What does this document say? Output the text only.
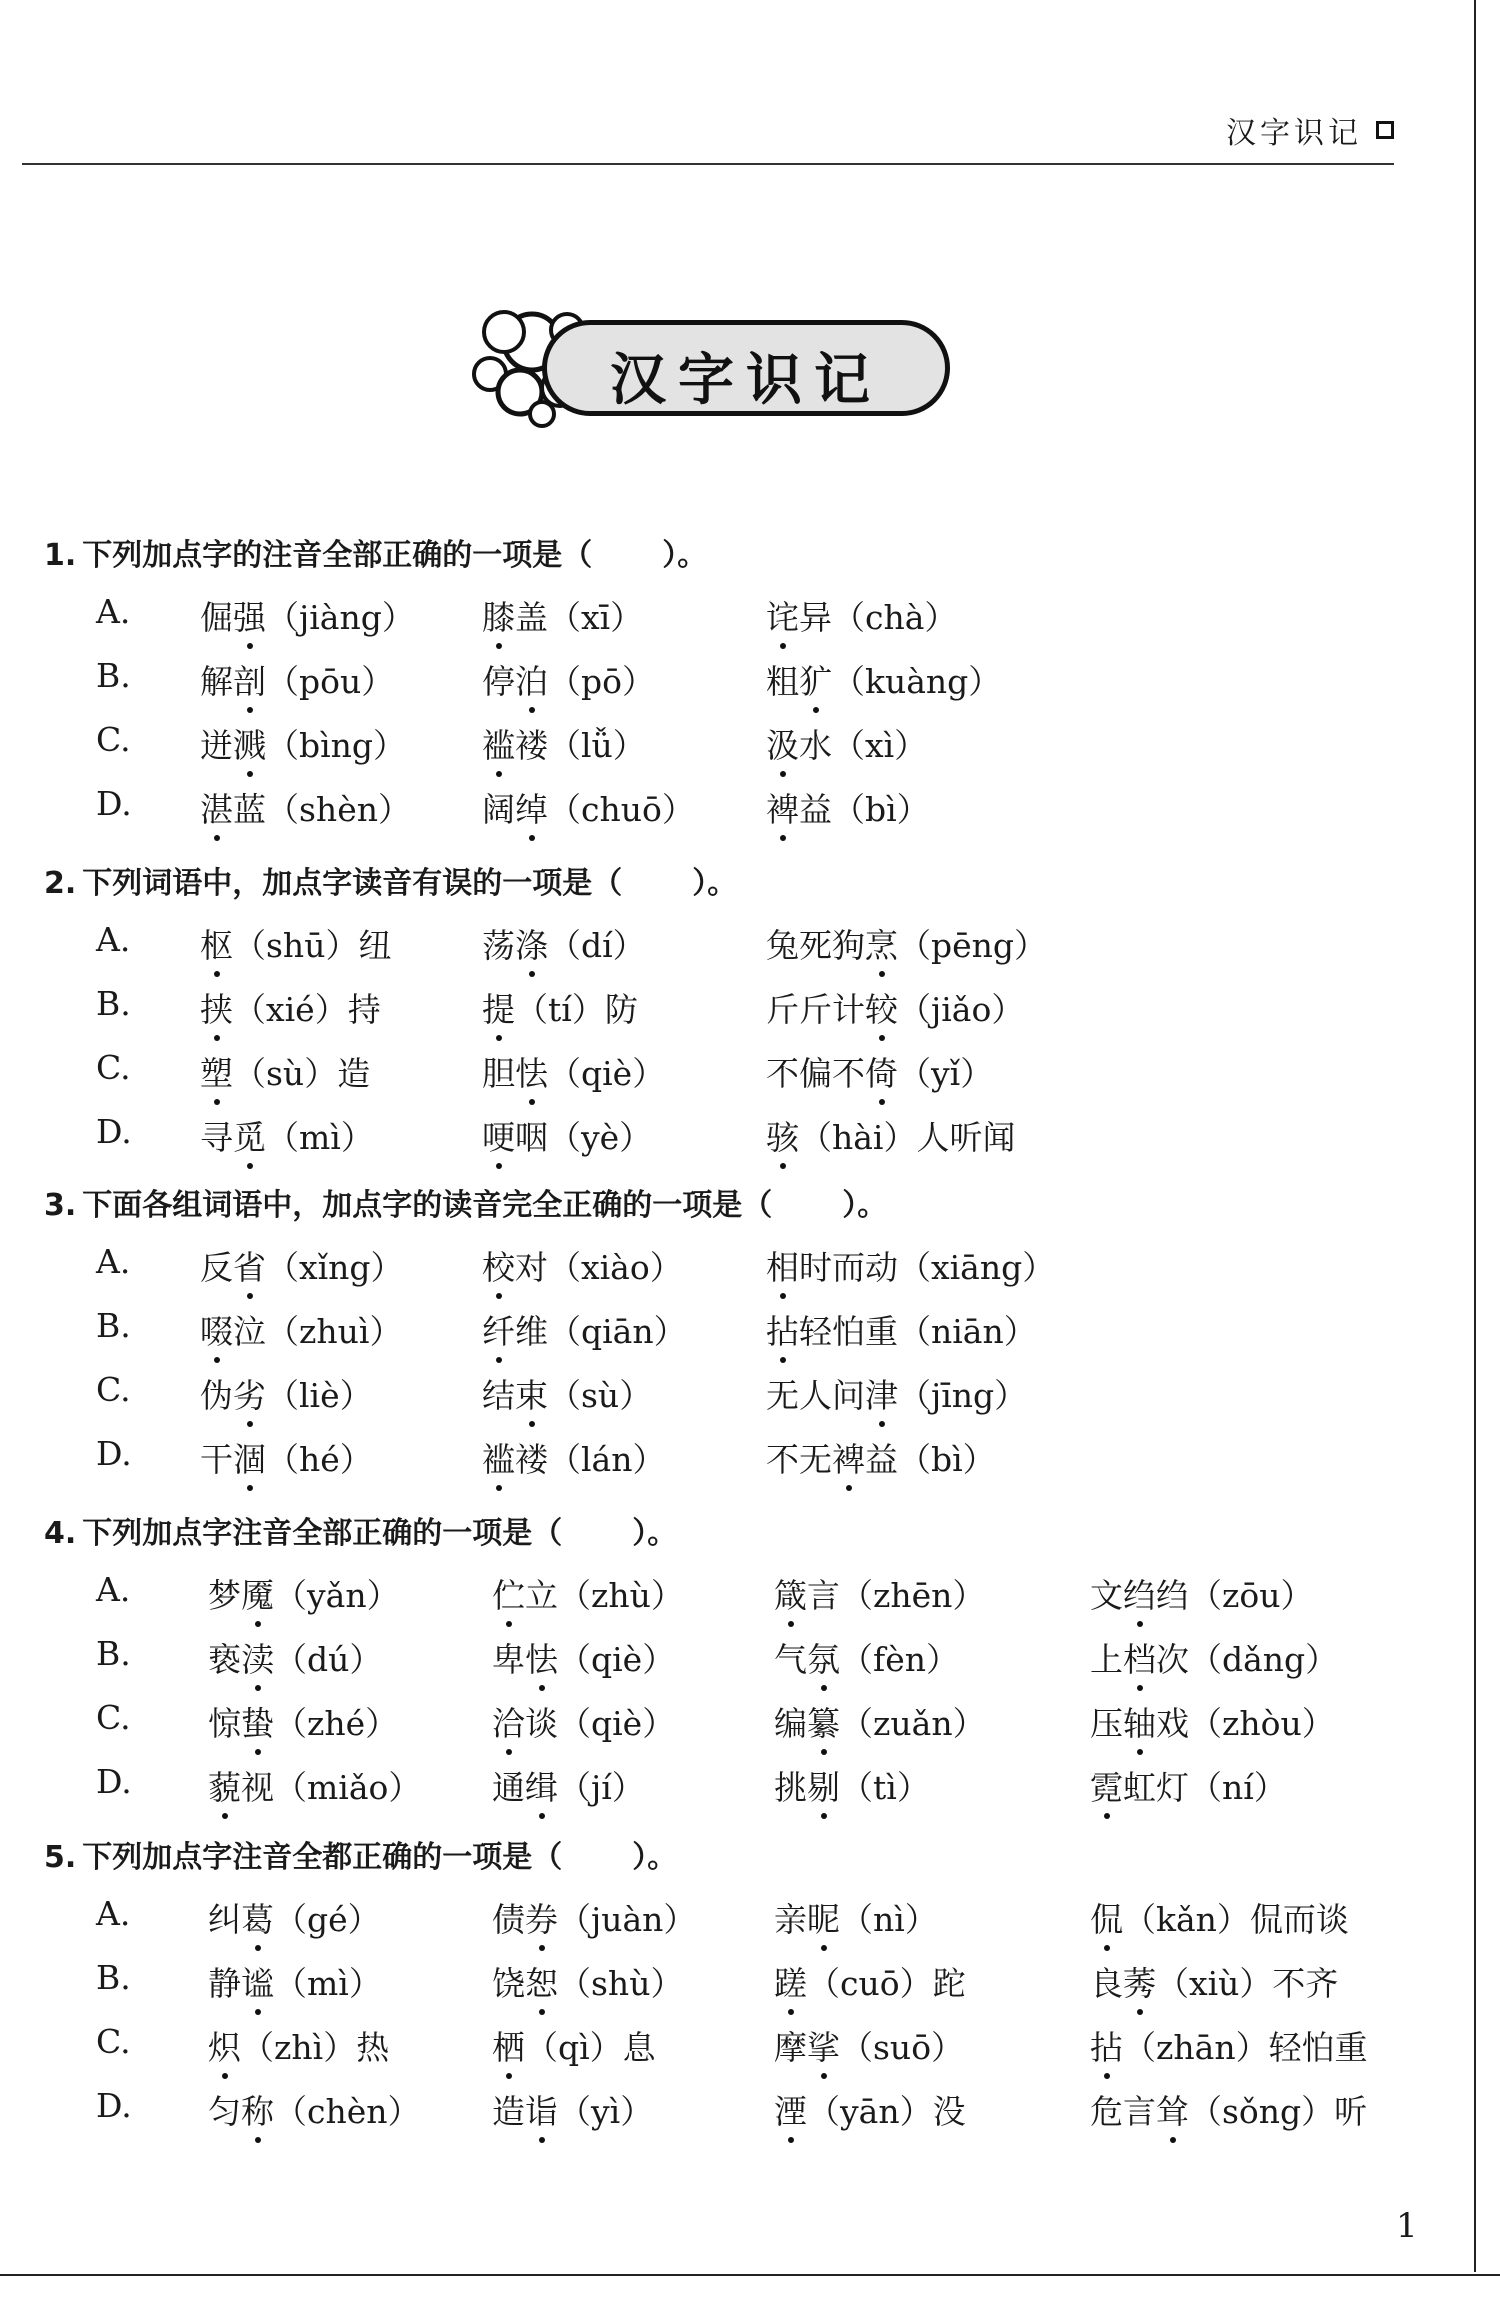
汉字识记
汉字识记
1. 下列加点字的注音全部正确的一项是（ ）。
A. 倔强（jiàng） 膝盖（xī）	诧异（chà）
B. 解剖（pōu）	停泊（pō）	粗犷（kuàng）
C. 迸溅（bìng） 褴褛（lǚ）	汲水（xì）
D. 湛蓝（shèn） 阔绰（chuō） 裨益（bì）
2. 下列词语中，加点字读音有误的一项是（ ）。
A. 枢（shū）纽	荡涤（dí）	兔死狗烹（pēng）
B. 挟（xié）持	提（tí）防	斤斤计较（jiǎo）
C. 塑（sù）造	胆怯（qiè）	不偏不倚（yǐ）
D. 寻觅（mì）	哽咽（yè）	骇（hài）人听闻
3. 下面各组词语中，加点字的读音完全正确的一项是（ ）。
A. 反省（xǐng） 校对（xiào）	相时而动（xiāng）
B. 啜泣（zhuì） 纤维（qiān） 拈轻怕重（niān）
C. 伪劣（liè）	结束（sù）	无人问津（jīng）
D. 干涸（hé）	褴褛（lán）	不无裨益（bì）
4. 下列加点字注音全部正确的一项是（ ）。
A. 梦魇（yǎn）	伫立（zhù）	箴言（zhēn）	文绉绉（zōu）
B. 亵渎（dú）	卑怯（qiè）	气氛（fèn）	上档次（dǎng）
C. 惊蛰（zhé）	洽谈（qiè）	编纂（zuǎn）	压轴戏（zhòu）
D. 藐视（miǎo） 通缉（jí）	挑剔（tì）	霓虹灯（ní）
5. 下列加点字注音全都正确的一项是（ ）。
A. 纠葛（gé）	债券（juàn） 亲昵（nì）	侃（kǎn）侃而谈
B. 静谧（mì）	饶恕（shù）	蹉（cuō）跎	良莠（xiù）不齐
C. 炽（zhì）热	栖（qì）息	摩挲（suō）	拈（zhān）轻怕重
D. 匀称（chèn） 造诣（yì）	湮（yān）没	危言耸（sǒng）听
1
